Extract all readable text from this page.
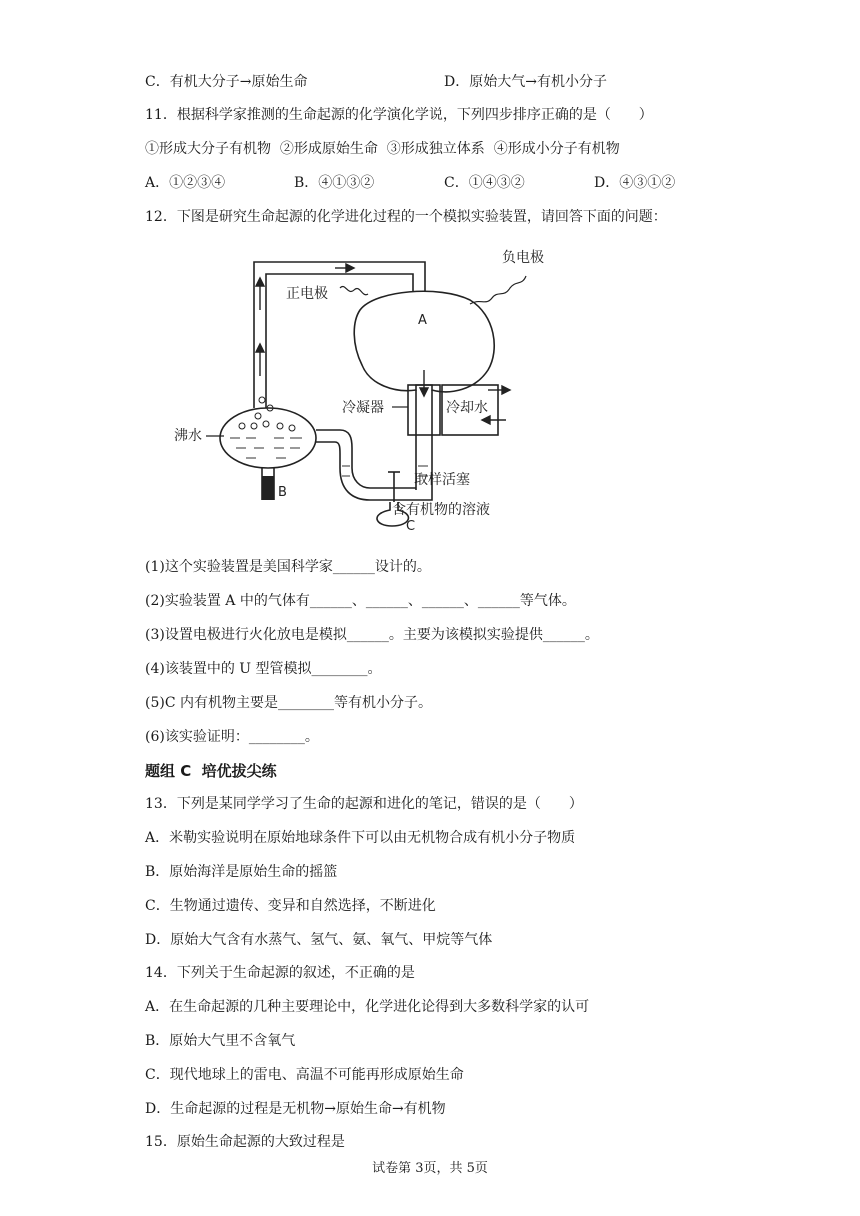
C．有机大分子→原始生命	D．原始大气→有机小分子
11．根据科学家推测的生命起源的化学演化学说，下列四步排序正确的是（　　）
①形成大分子有机物  ②形成原始生命  ③形成独立体系  ④形成小分子有机物
A．①②③④	B．④①③②	C．①④③②	D．④③①②
12．下图是研究生命起源的化学进化过程的一个模拟实验装置，请回答下面的问题：
负电极
正电极
A
冷凝器	冷却水
沸水
B
取样活塞
含有机物的溶液
C
(1)这个实验装置是美国科学家______设计的。
(2)实验装置 A 中的气体有______、______、______、______等气体。
(3)设置电极进行火化放电是模拟______。主要为该模拟实验提供______。
(4)该装置中的 U 型管模拟________。
(5)C 内有机物主要是________等有机小分子。
(6)该实验证明：________。
题组 C  培优拔尖练
13．下列是某同学学习了生命的起源和进化的笔记，错误的是（　　）
A．米勒实验说明在原始地球条件下可以由无机物合成有机小分子物质
B．原始海洋是原始生命的摇篮
C．生物通过遗传、变异和自然选择，不断进化
D．原始大气含有水蒸气、氢气、氨、氧气、甲烷等气体
14．下列关于生命起源的叙述，不正确的是
A．在生命起源的几种主要理论中，化学进化论得到大多数科学家的认可
B．原始大气里不含氧气
C．现代地球上的雷电、高温不可能再形成原始生命
D．生命起源的过程是无机物→原始生命→有机物
15．原始生命起源的大致过程是
试卷第 3页，共 5页
